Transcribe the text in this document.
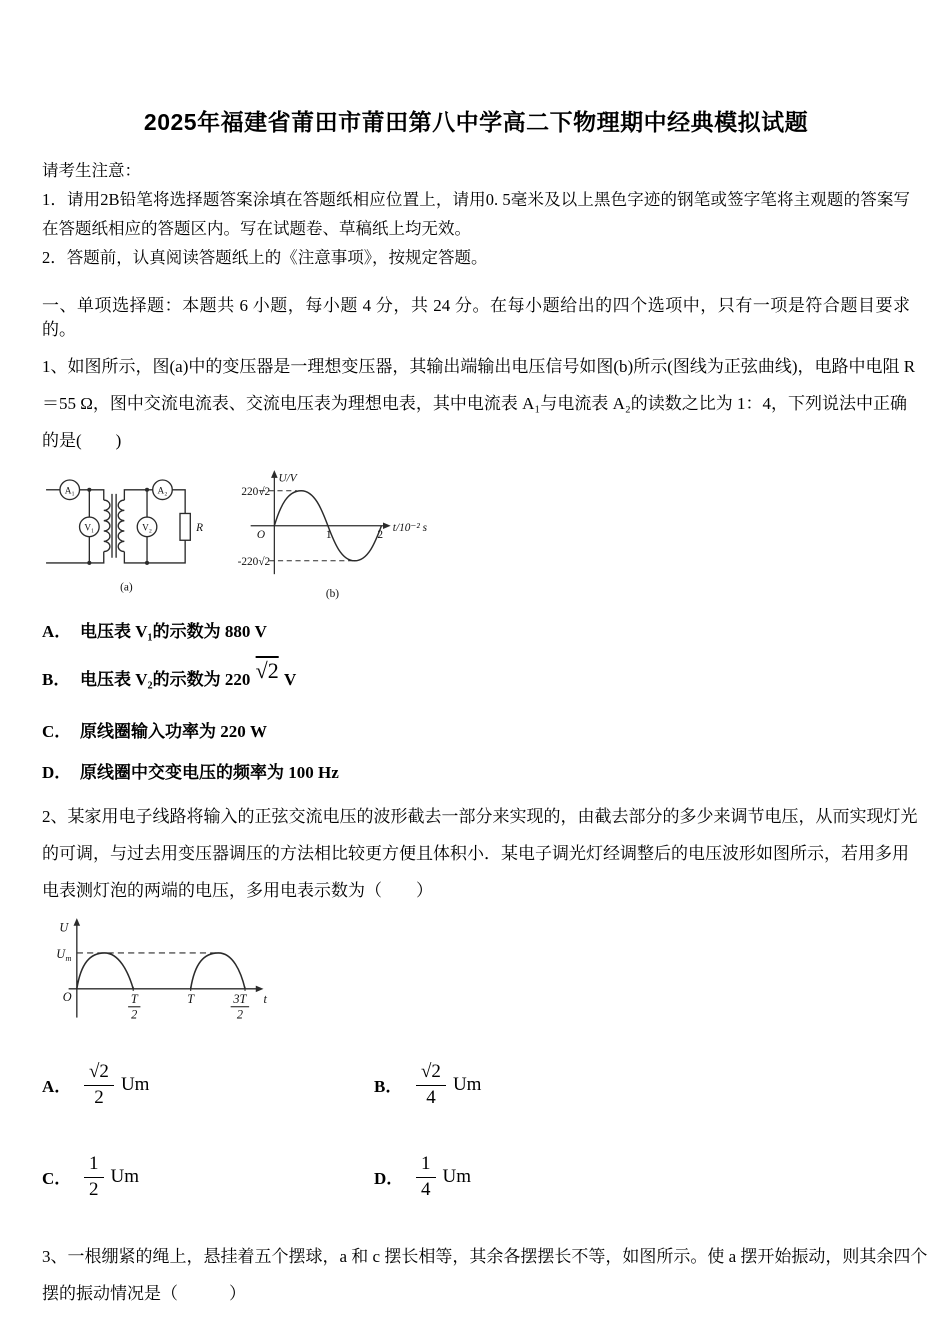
2025年福建省莆田市莆田第八中学高二下物理期中经典模拟试题

请考生注意：

1．请用2B铅笔将选择题答案涂填在答题纸相应位置上，请用0. 5毫米及以上黑色字迹的钢笔或签字笔将主观题的答案写在答题纸相应的答题区内。写在试题卷、草稿纸上均无效。

2．答题前，认真阅读答题纸上的《注意事项》，按规定答题。

一、单项选择题：本题共 6 小题，每小题 4 分，共 24 分。在每小题给出的四个选项中，只有一项是符合题目要求的。

1、如图所示，图(a)中的变压器是一理想变压器，其输出端输出电压信号如图(b)所示(图线为正弦曲线)，电路中电阻 R
＝55 Ω，图中交流电流表、交流电压表为理想电表，其中电流表 A₁与电流表 A₂的读数之比为 1：4，下列说法中正确
的是(　　)
A₁
V₁
A₂
V₂	R
(a)
U/V
220√2
-220√2
O	1	2
t/10⁻² s
(b)
A． 电压表 V₁的示数为 880 V
B． 电压表 V₂的示数为 220 √2 V
C． 原线圈输入功率为 220 W
D． 原线圈中交变电压的频率为 100 Hz
2、某家用电子线路将输入的正弦交流电压的波形截去一部分来实现的，由截去部分的多少来调节电压，从而实现灯光
的可调，与过去用变压器调压的方法相比较更方便且体积小．某电子调光灯经调整后的电压波形如图所示，若用多用
电表测灯泡的两端的电压，多用电表示数为（　　）
U
U m
O	T
2
T	3T
2
t
A． $\frac{√2}{2}$ Um	B． $\frac{√2}{4}$ Um
C． $\frac{1}{2}$ Um	D． $\frac{1}{4}$ Um
3、一根绷紧的绳上，悬挂着五个摆球，a 和 c 摆长相等，其余各摆摆长不等，如图所示。使 a 摆开始振动，则其余四个
摆的振动情况是（　　　）
